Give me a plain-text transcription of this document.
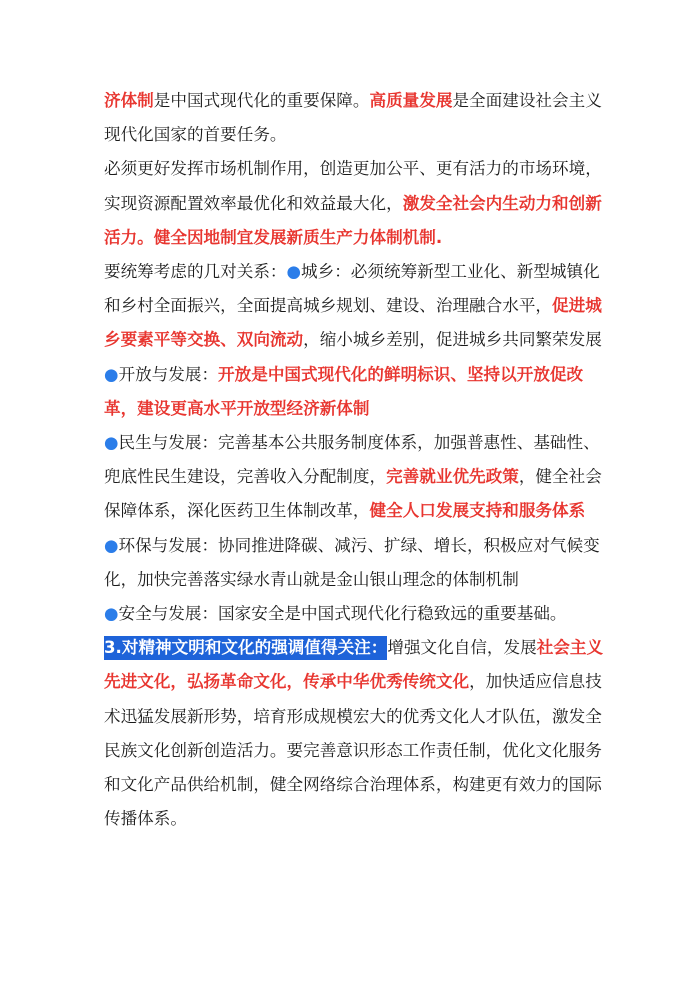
济体制是中国式现代化的重要保障。高质量发展是全面建设社会主义现代化国家的首要任务。

必须更好发挥市场机制作用，创造更加公平、更有活力的市场环境，实现资源配置效率最优化和效益最大化，激发全社会内生动力和创新活力。健全因地制宜发展新质生产力体制机制.

要统筹考虑的几对关系：●城乡：必须统筹新型工业化、新型城镇化和乡村全面振兴，全面提高城乡规划、建设、治理融合水平，促进城乡要素平等交换、双向流动，缩小城乡差别，促进城乡共同繁荣发展
●开放与发展：开放是中国式现代化的鲜明标识、坚持以开放促改革，建设更高水平开放型经济新体制

●民生与发展：完善基本公共服务制度体系，加强普惠性、基础性、兜底性民生建设，完善收入分配制度，完善就业优先政策，健全社会保障体系，深化医药卫生体制改革，健全人口发展支持和服务体系

●环保与发展：协同推进降碳、减污、扩绿、增长，积极应对气候变化，加快完善落实绿水青山就是金山银山理念的体制机制

●安全与发展：国家安全是中国式现代化行稳致远的重要基础。

3.对精神文明和文化的强调值得关注：增强文化自信，发展社会主义先进文化，弘扬革命文化，传承中华优秀传统文化，加快适应信息技术迅猛发展新形势，培育形成规模宏大的优秀文化人才队伍，激发全民族文化创新创造活力。要完善意识形态工作责任制，优化文化服务和文化产品供给机制，健全网络综合治理体系，构建更有效力的国际传播体系。
